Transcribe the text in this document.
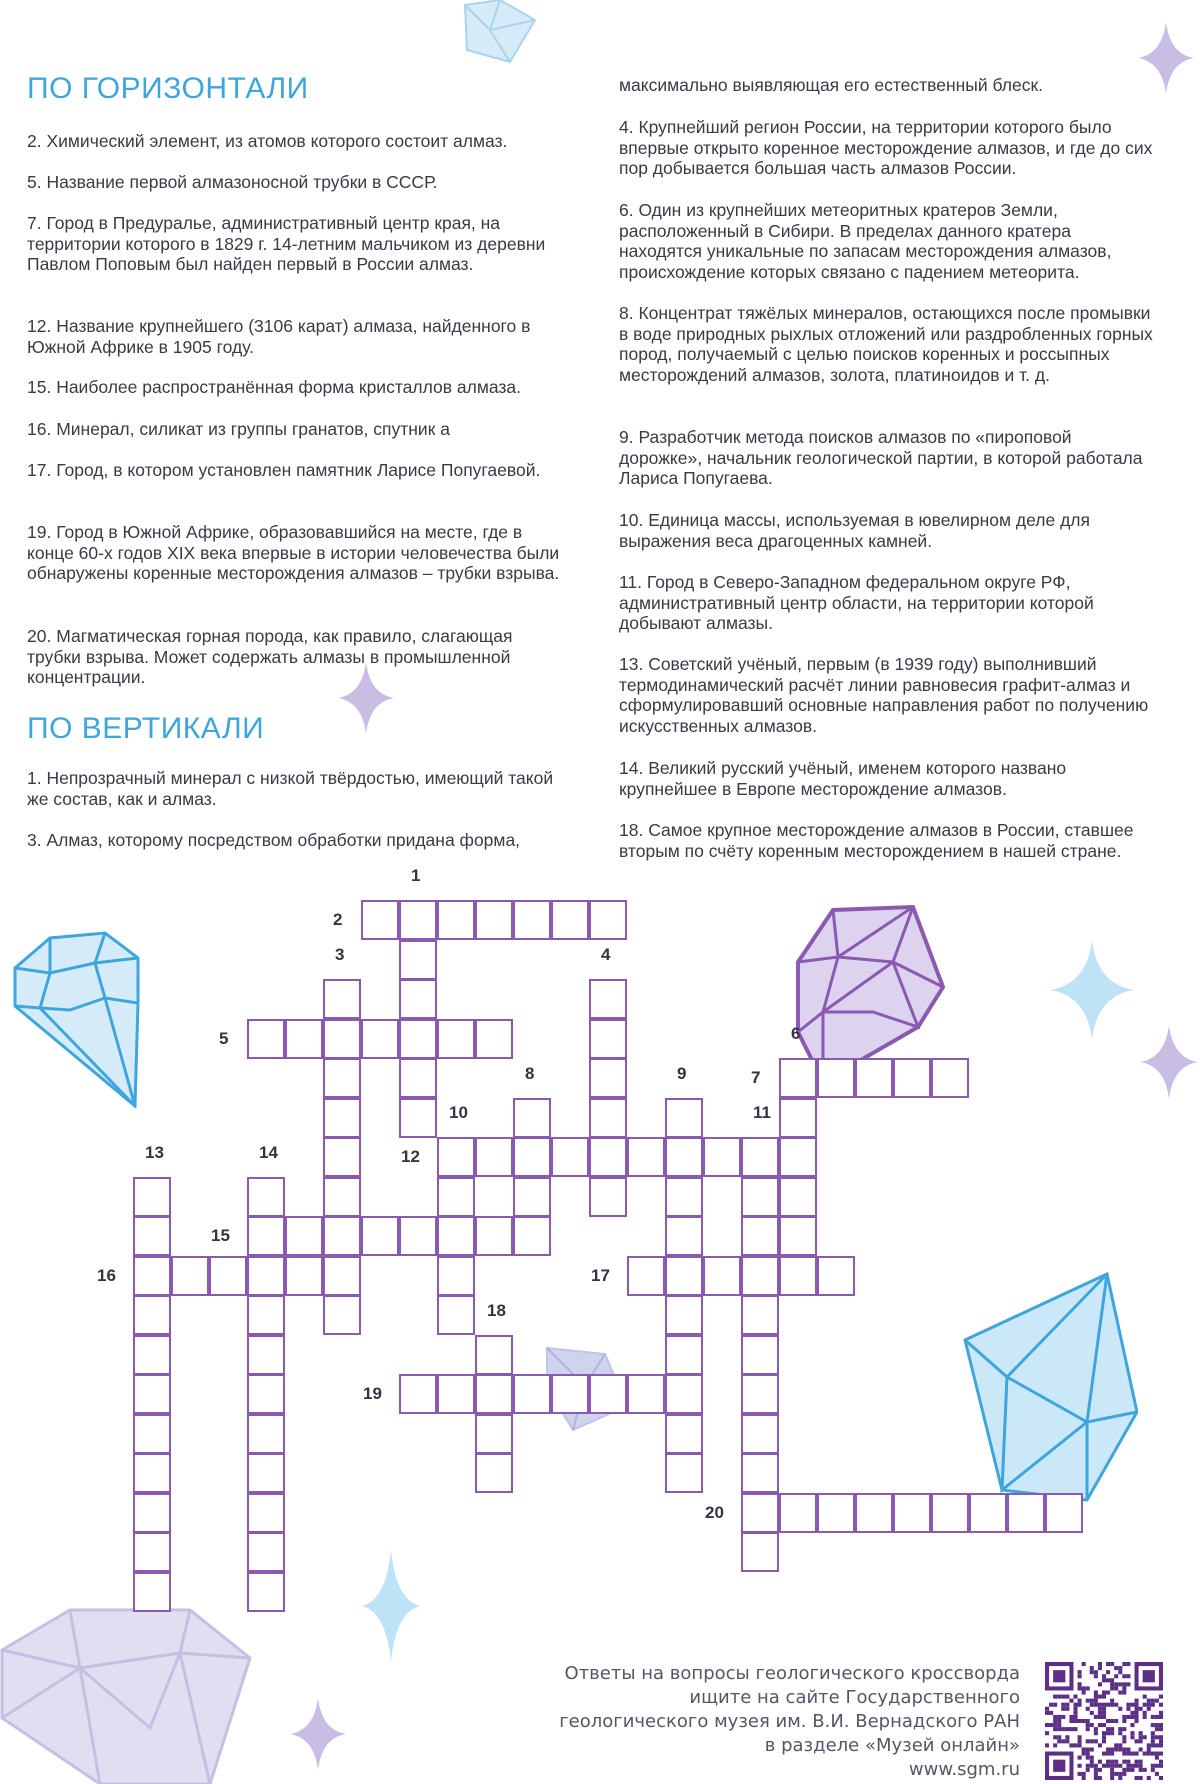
ПО ГОРИЗОНТАЛИ

2. Химический элемент, из атомов которого состоит алмаз.

5. Название первой алмазоносной трубки в СССР.

7. Город в Предуралье, административный центр края, на территории которого в 1829 г. 14-летним мальчиком из деревни Павлом Поповым был найден первый в России алмаз.

12. Название крупнейшего (3106 карат) алмаза, найденного в Южной Африке в 1905 году.

15. Наиболее распространённая форма кристаллов алмаза.

16. Минерал, силикат из группы гранатов, спутник а

17. Город, в котором установлен памятник Ларисе Попугаевой.

19. Город в Южной Африке, образовавшийся на месте, где в конце 60-х годов XIX века впервые в истории человечества были обнаружены коренные месторождения алмазов – трубки взрыва.

20. Магматическая горная порода, как правило, слагающая трубки взрыва. Может содержать алмазы в промышленной концентрации.

ПО ВЕРТИКАЛИ

1. Непрозрачный минерал с низкой твёрдостью, имеющий такой же состав, как и алмаз.

3. Алмаз, которому посредством обработки придана форма,

максимально выявляющая его естественный блеск.

4. Крупнейший регион России, на территории которого было впервые открыто коренное месторождение алмазов, и где до сих пор добывается большая часть алмазов России.

6. Один из крупнейших метеоритных кратеров Земли, расположенный в Сибири. В пределах данного кратера находятся уникальные по запасам месторождения алмазов, происхождение которых связано с падением метеорита.

8. Концентрат тяжёлых минералов, остающихся после промывки в воде природных рыхлых отложений или раздробленных горных пород, получаемый с целью поисков коренных и россыпных месторождений алмазов, золота, платиноидов и т. д.

9. Разработчик метода поисков алмазов по «пироповой дорожке», начальник геологической партии, в которой работала Лариса Попугаева.

10. Единица массы, используемая в ювелирном деле для выражения веса драгоценных камней.

11. Город в Северо-Западном федеральном округе РФ, административный центр области, на территории которой добывают алмазы.

13. Советский учёный, первым (в 1939 году) выполнивший термодинамический расчёт линии равновесия графит-алмаз и сформулировавший основные направления работ по получению искусственных алмазов.

14. Великий русский учёный, именем которого названо крупнейшее в Европе месторождение алмазов.

18. Самое крупное месторождение алмазов в России, ставшее вторым по счёту коренным месторождением в нашей стране.

1
2
3	4
5	6
7
8	9
10	11
12
13	14
15
16	17
18
19
20
Ответы на вопросы геологического кроссворда
ищите на сайте Государственного
геологического музея им. В.И. Вернадского РАН
в разделе «Музей онлайн»
www.sgm.ru
